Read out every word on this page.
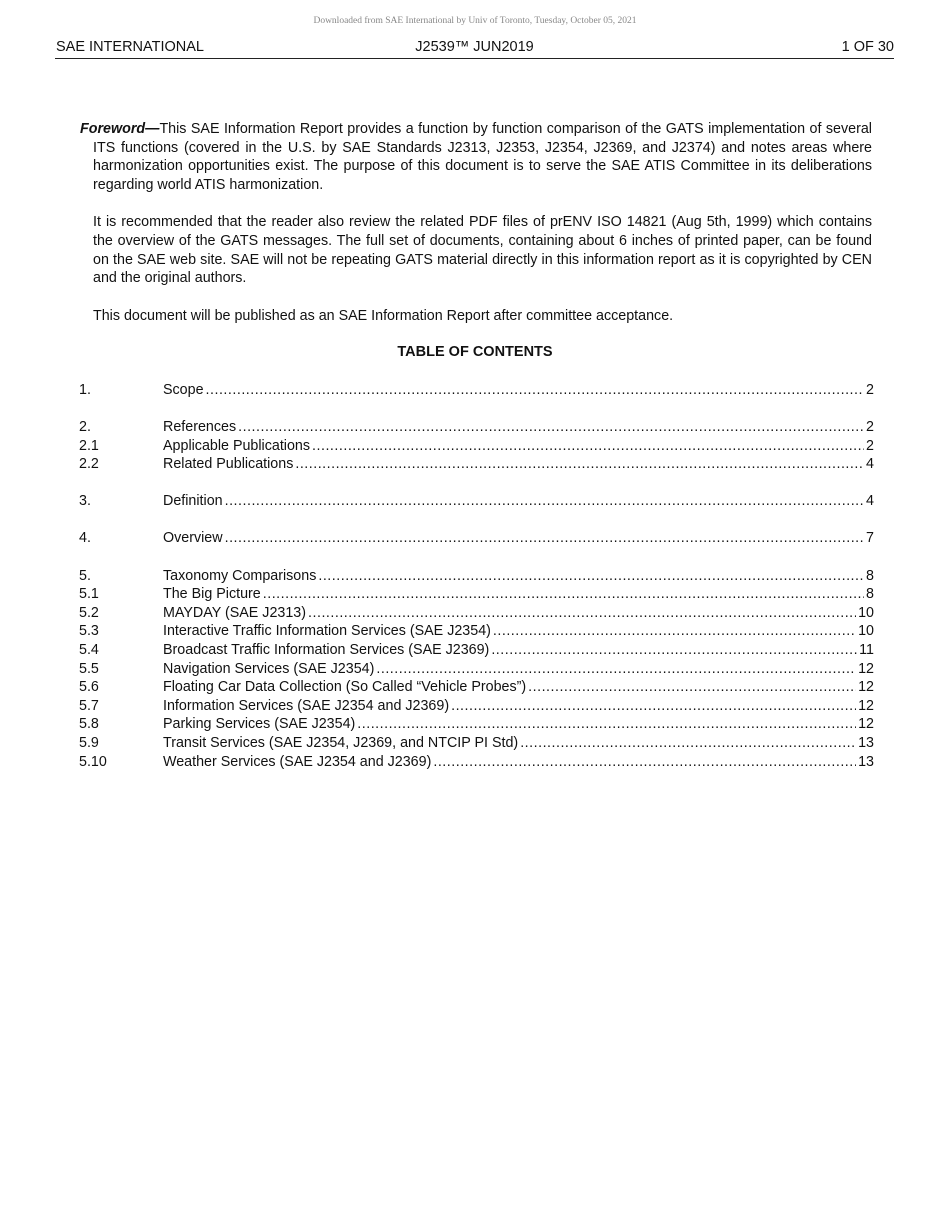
Downloaded from SAE International by Univ of Toronto, Tuesday, October 05, 2021
SAE INTERNATIONAL	J2539™ JUN2019	1 OF 30

Foreword—This SAE Information Report provides a function by function comparison of the GATS implementation of several ITS functions (covered in the U.S. by SAE Standards J2313, J2353, J2354, J2369, and J2374) and notes areas where harmonization opportunities exist. The purpose of this document is to serve the SAE ATIS Committee in its deliberations regarding world ATIS harmonization.

It is recommended that the reader also review the related PDF files of prENV ISO 14821 (Aug 5th, 1999) which contains the overview of the GATS messages. The full set of documents, containing about 6 inches of printed paper, can be found on the SAE web site. SAE will not be repeating GATS material directly in this information report as it is copyrighted by CEN and the original authors.

This document will be published as an SAE Information Report after committee acceptance.

TABLE OF CONTENTS
1.	Scope .....	2
2.	References .....	2
2.1	Applicable Publications .....	2
2.2	Related Publications .....	4
3.	Definition .....	4
4.	Overview .....	7
5.	Taxonomy Comparisons .....	8
5.1	The Big Picture .....	8
5.2	MAYDAY (SAE J2313) .....	10
5.3	Interactive Traffic Information Services (SAE J2354) .....	10
5.4	Broadcast Traffic Information Services (SAE J2369) .....	11
5.5	Navigation Services (SAE J2354) .....	12
5.6	Floating Car Data Collection (So Called “Vehicle Probes”) .....	12
5.7	Information Services (SAE J2354 and J2369) .....	12
5.8	Parking Services (SAE J2354) .....	12
5.9	Transit Services (SAE J2354, J2369, and NTCIP PI Std) .....	13
5.10	Weather Services (SAE J2354 and J2369) .....	13
